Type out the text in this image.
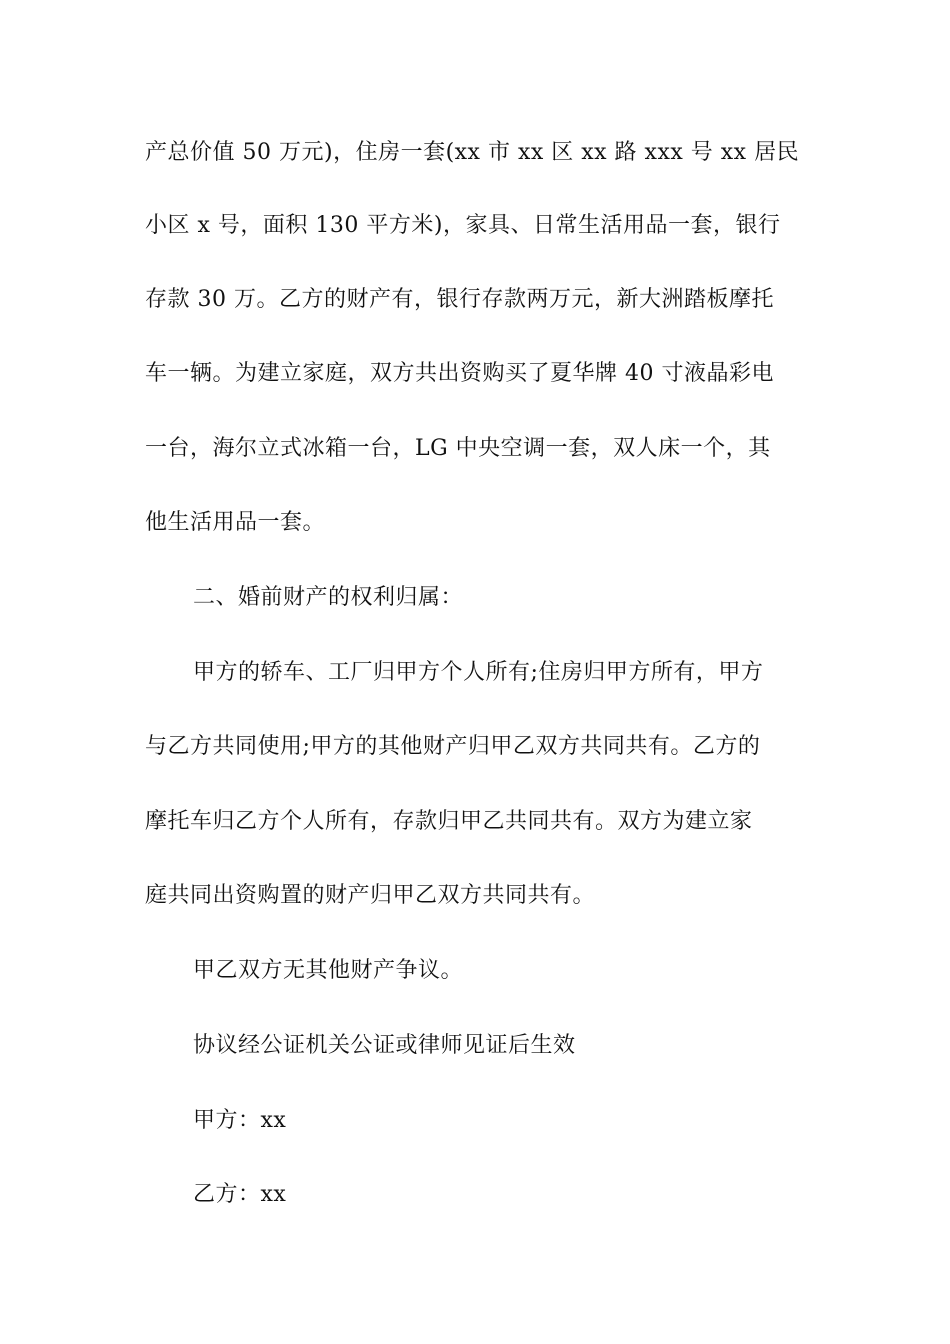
产总价值 50 万元)，住房一套(xx 市 xx 区 xx 路 xxx 号 xx 居民
小区 x 号，面积 130 平方米)，家具、日常生活用品一套，银行
存款 30 万。乙方的财产有，银行存款两万元，新大洲踏板摩托
车一辆。为建立家庭，双方共出资购买了夏华牌 40 寸液晶彩电
一台，海尔立式冰箱一台，LG 中央空调一套，双人床一个，其
他生活用品一套。
二、婚前财产的权利归属：
甲方的轿车、工厂归甲方个人所有;住房归甲方所有，甲方
与乙方共同使用;甲方的其他财产归甲乙双方共同共有。乙方的
摩托车归乙方个人所有，存款归甲乙共同共有。双方为建立家
庭共同出资购置的财产归甲乙双方共同共有。
甲乙双方无其他财产争议。
协议经公证机关公证或律师见证后生效
甲方：xx
乙方：xx
